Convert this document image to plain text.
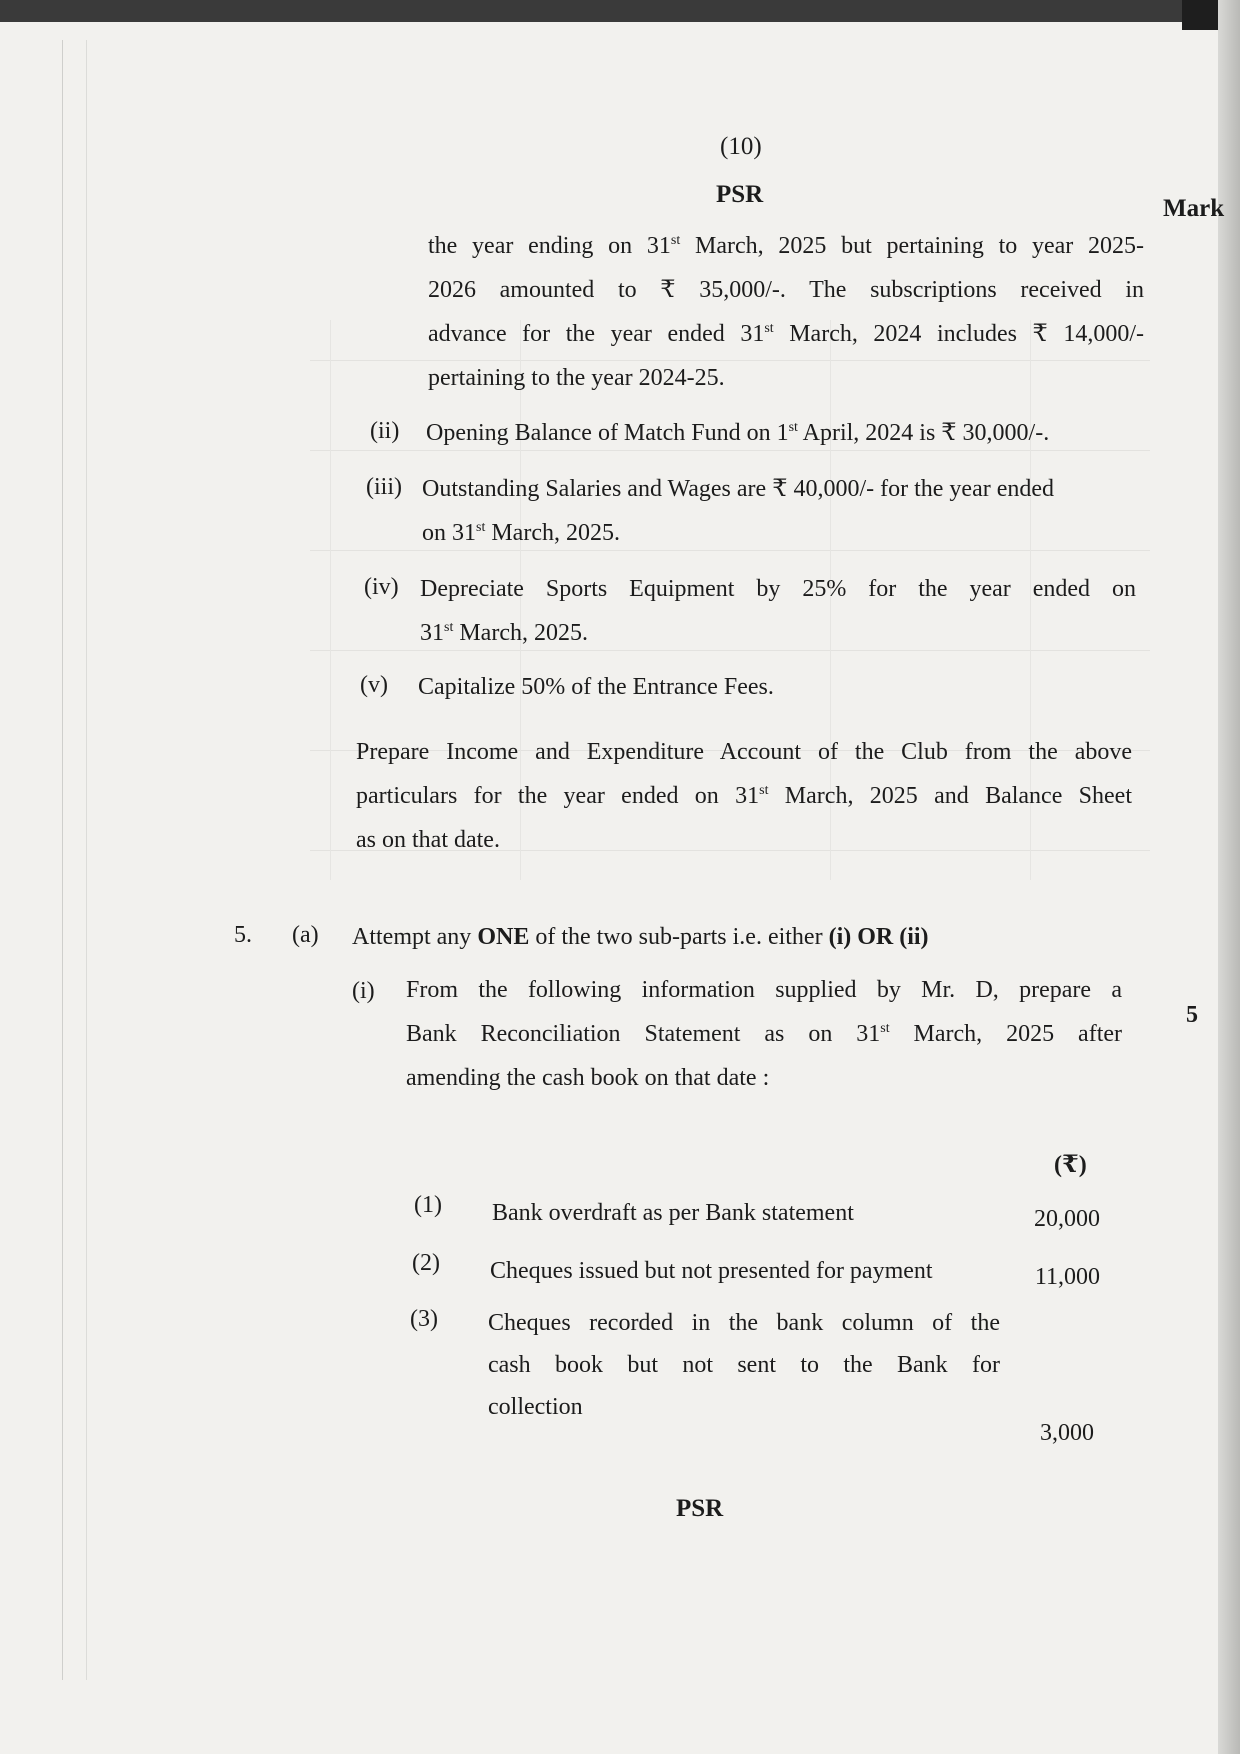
(10)
PSR
Mark
the year ending on 31st March, 2025 but pertaining to year 2025-
2026 amounted to ₹ 35,000/-. The subscriptions received in
advance for the year ended 31st March, 2024 includes ₹ 14,000/-
pertaining to the year 2024-25.
(ii) Opening Balance of Match Fund on 1st April, 2024 is ₹ 30,000/-.
(iii) Outstanding Salaries and Wages are ₹ 40,000/- for the year ended
on 31st March, 2025.
(iv) Depreciate Sports Equipment by 25% for the year ended on
31st March, 2025.
(v) Capitalize 50% of the Entrance Fees.
Prepare Income and Expenditure Account of the Club from the above
particulars for the year ended on 31st March, 2025 and Balance Sheet
as on that date.
5. (a) Attempt any ONE of the two sub-parts i.e. either (i) OR (ii)
(i) From the following information supplied by Mr. D, prepare a
Bank Reconciliation Statement as on 31st March, 2025 after
amending the cash book on that date :
5
(₹)
(1) Bank overdraft as per Bank statement	20,000
(2) Cheques issued but not presented for payment	11,000
(3) Cheques recorded in the bank column of the
cash book but not sent to the Bank for
collection
3,000
PSR
